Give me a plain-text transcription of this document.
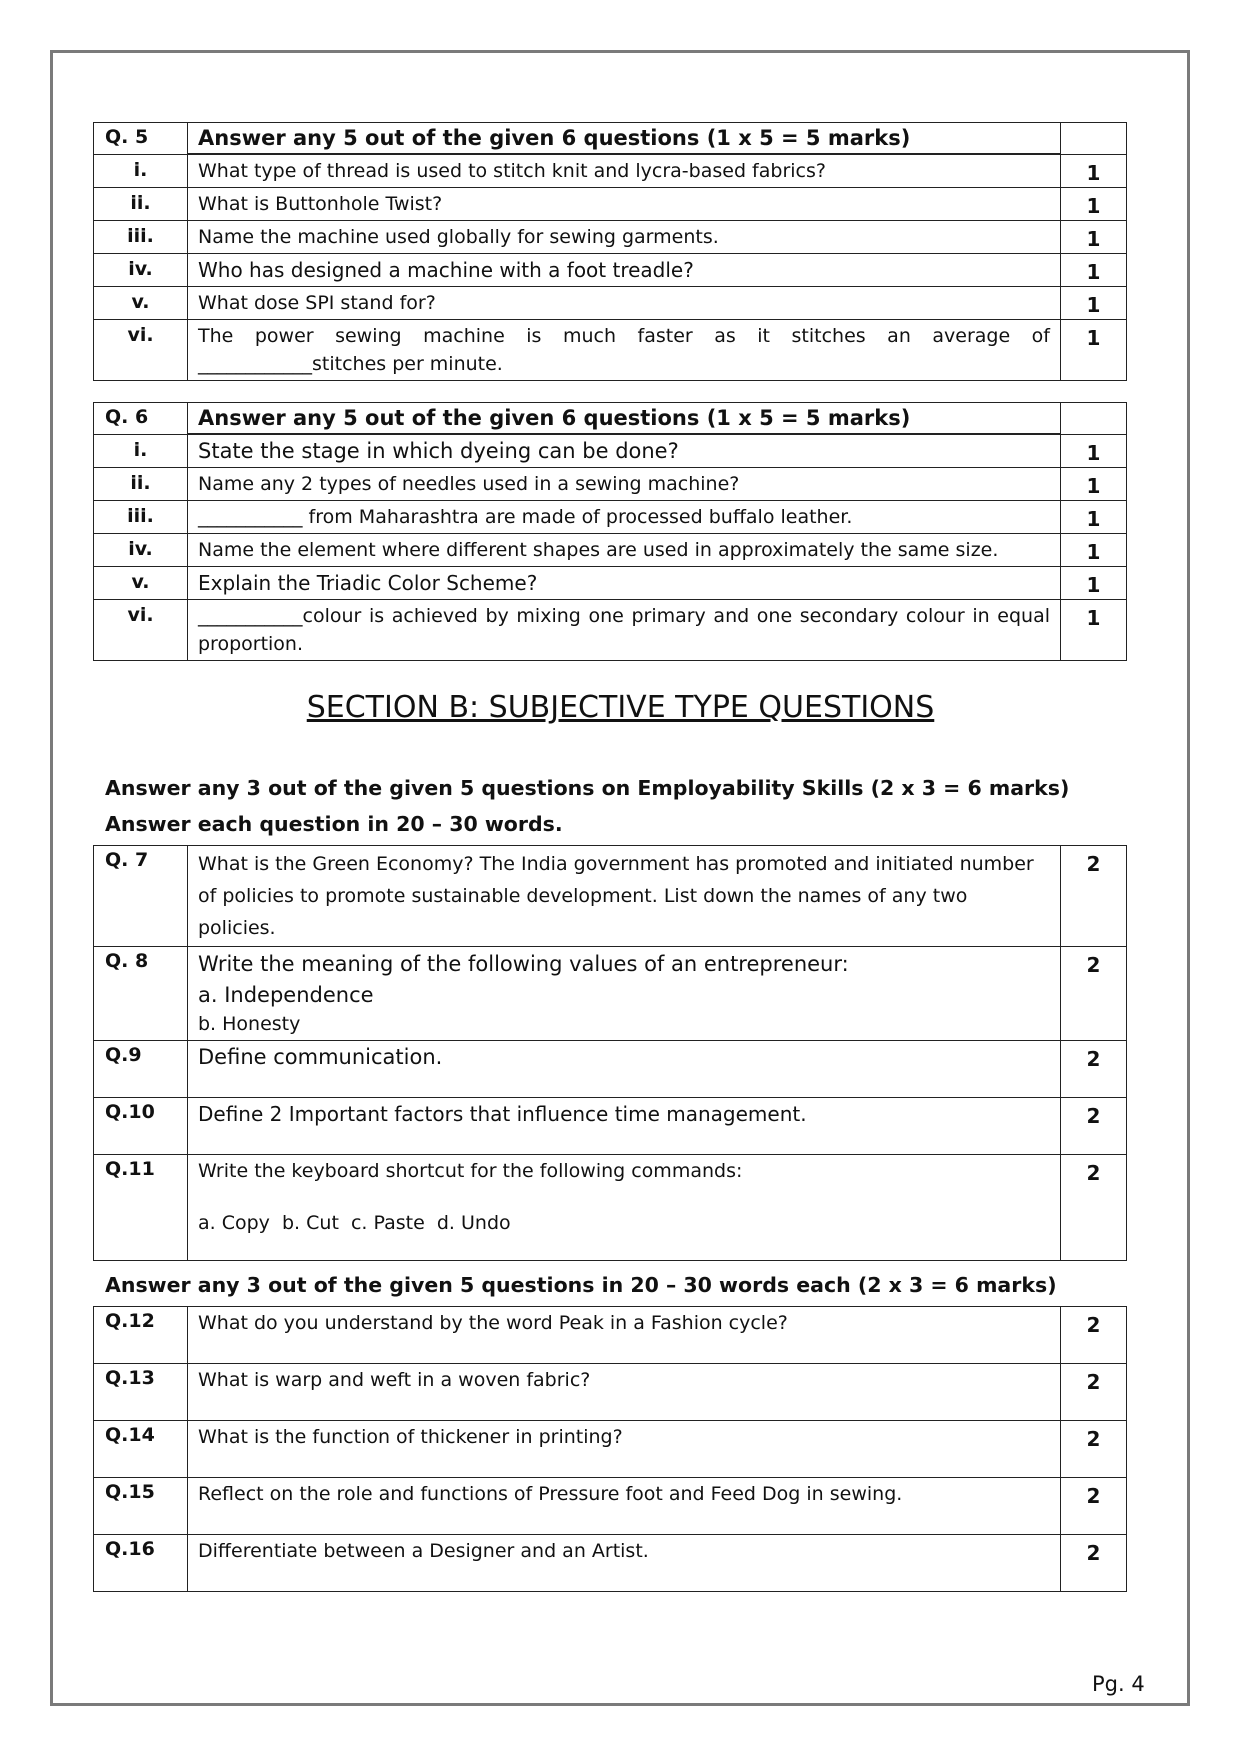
Q. 5	Answer any 5 out of the given 6 questions (1 x 5 = 5 marks)	
i.	What type of thread is used to stitch knit and lycra-based fabrics?	1
ii.	What is Buttonhole Twist?	1
iii.	Name the machine used globally for sewing garments.	1
iv.	Who has designed a machine with a foot treadle?	1
v.	What dose SPI stand for?	1
vi.	The power sewing machine is much faster as it stitches an average of ____________stitches per minute.	1
Q. 6	Answer any 5 out of the given 6 questions (1 x 5 = 5 marks)	
i.	State the stage in which dyeing can be done?	1
ii.	Name any 2 types of needles used in a sewing machine?	1
iii.	___________ from Maharashtra are made of processed buffalo leather.	1
iv.	Name the element where different shapes are used in approximately the same size.	1
v.	Explain the Triadic Color Scheme?	1
vi.	___________colour is achieved by mixing one primary and one secondary colour in equal proportion.	1
SECTION B: SUBJECTIVE TYPE QUESTIONS
Answer any 3 out of the given 5 questions on Employability Skills (2 x 3 = 6 marks)
Answer each question in 20 – 30 words.
Q. 7	What is the Green Economy? The India government has promoted and initiated number of policies to promote sustainable development. List down the names of any two policies.	2
Q. 8	Write the meaning of the following values of an entrepreneur:
a. Independence
b. Honesty	2
Q.9	Define communication.	2
Q.10	Define 2 Important factors that influence time management.	2
Q.11	Write the keyboard shortcut for the following commands:
a. Copy  b. Cut  c. Paste  d. Undo	2
Answer any 3 out of the given 5 questions in 20 – 30 words each (2 x 3 = 6 marks)
Q.12	What do you understand by the word Peak in a Fashion cycle?	2
Q.13	What is warp and weft in a woven fabric?	2
Q.14	What is the function of thickener in printing?	2
Q.15	Reflect on the role and functions of Pressure foot and Feed Dog in sewing.	2
Q.16	Differentiate between a Designer and an Artist.	2
Pg. 4
